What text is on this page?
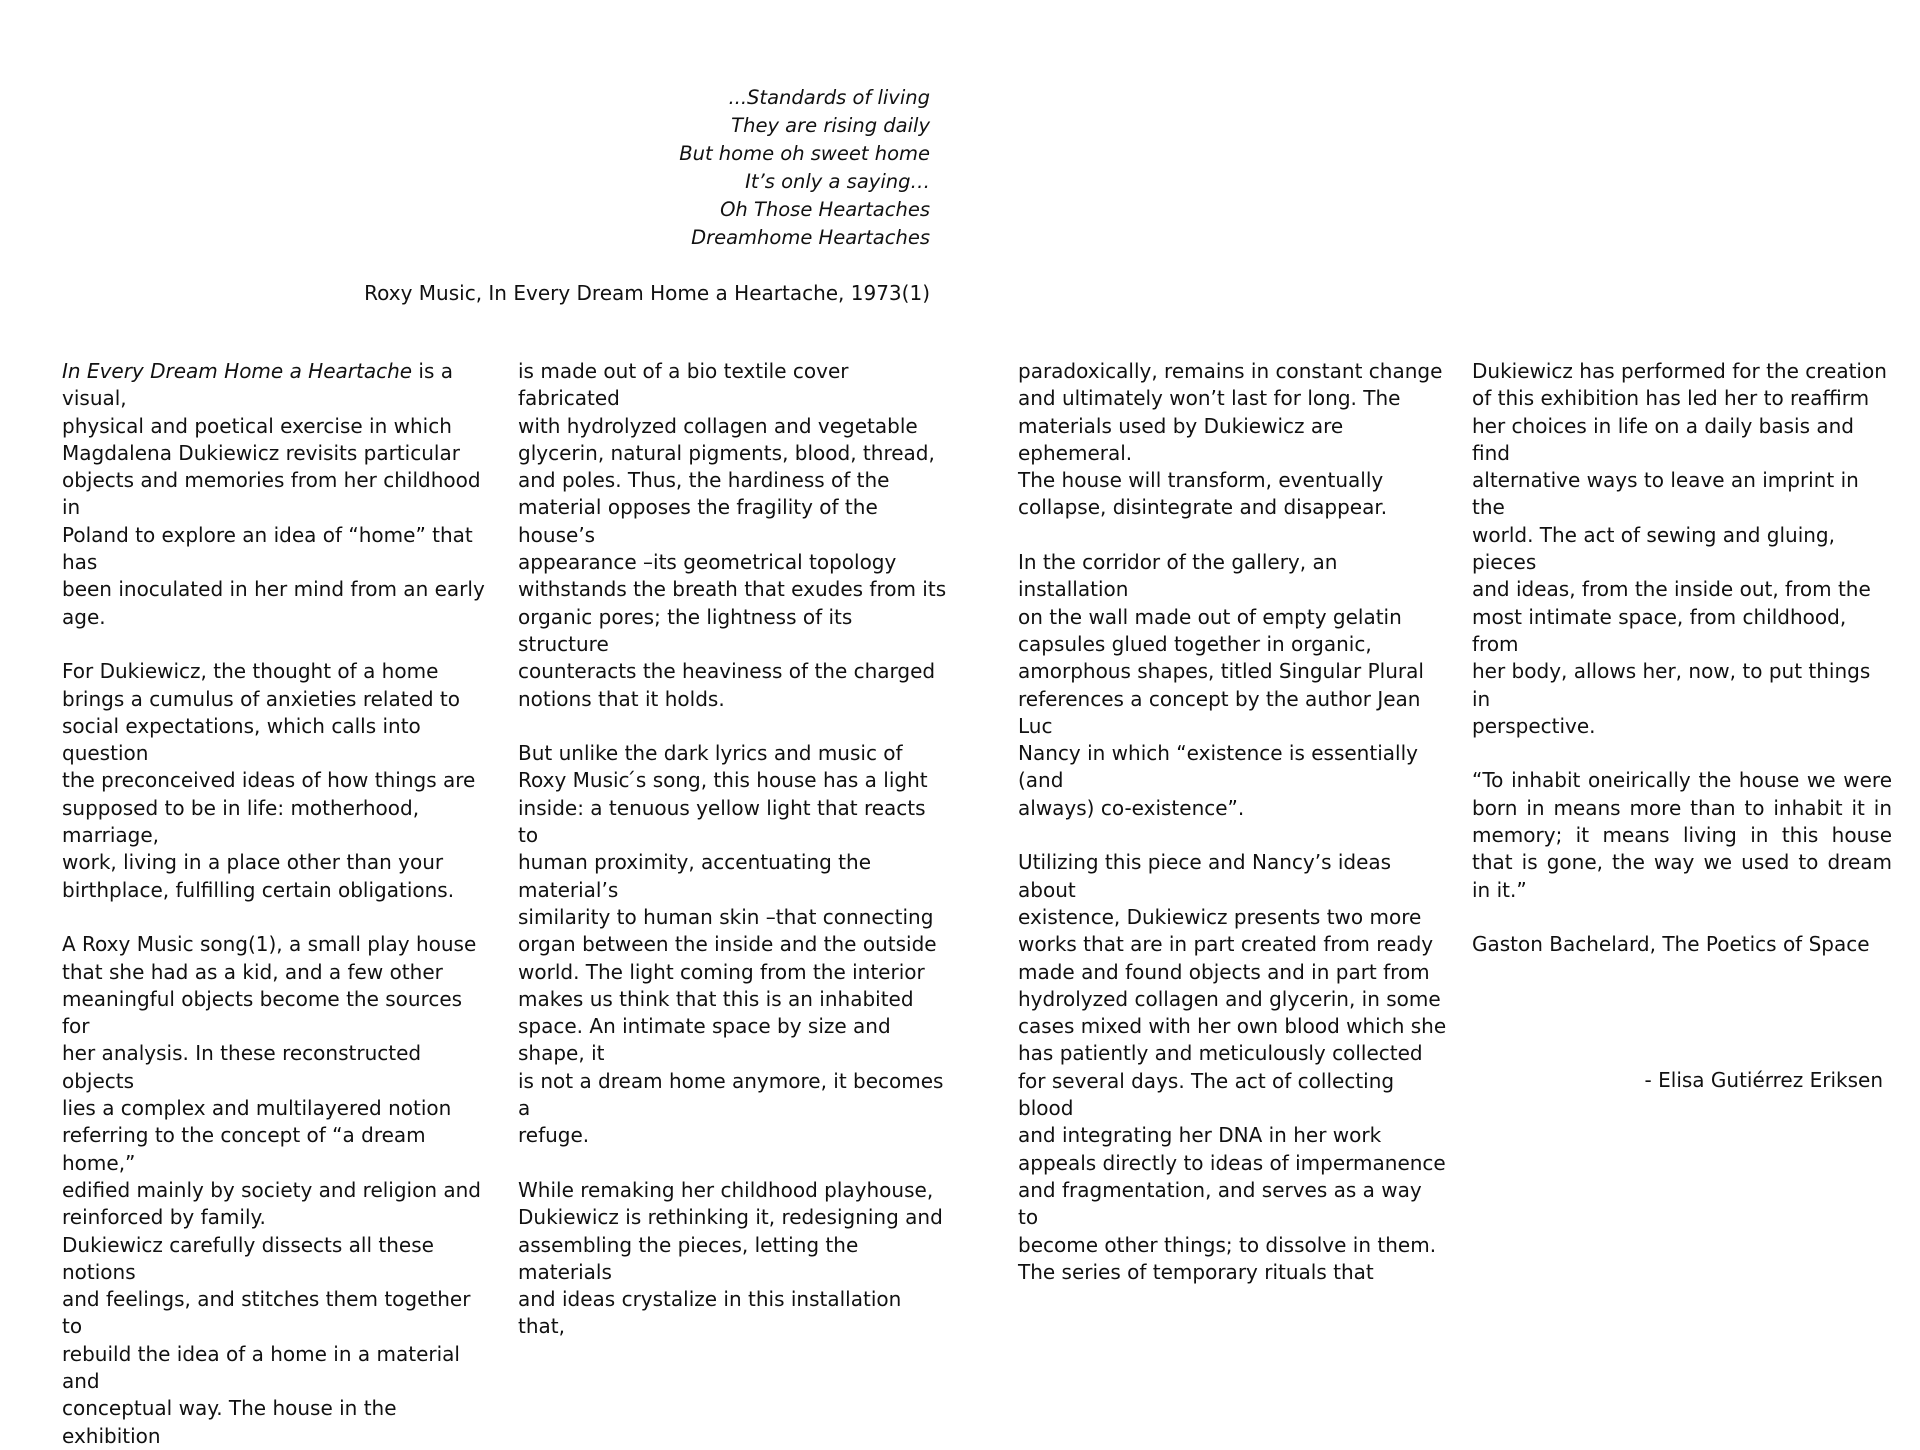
...Standards of living
They are rising daily
But home oh sweet home
It’s only a saying…
Oh Those Heartaches
Dreamhome Heartaches
Roxy Music, In Every Dream Home a Heartache, 1973(1)

In Every Dream Home a Heartache is a visual,
physical and poetical exercise in which
Magdalena Dukiewicz revisits particular
objects and memories from her childhood in
Poland to explore an idea of “home” that has
been inoculated in her mind from an early age.

For Dukiewicz, the thought of a home
brings a cumulus of anxieties related to
social expectations, which calls into question
the preconceived ideas of how things are
supposed to be in life: motherhood, marriage,
work, living in a place other than your
birthplace, fulfilling certain obligations.

A Roxy Music song(1), a small play house
that she had as a kid, and a few other
meaningful objects become the sources for
her analysis. In these reconstructed objects
lies a complex and multilayered notion
referring to the concept of “a dream home,”
edified mainly by society and religion and
reinforced by family.

Dukiewicz carefully dissects all these notions
and feelings, and stitches them together to
rebuild the idea of a home in a material and
conceptual way. The house in the exhibition

is made out of a bio textile cover fabricated
with hydrolyzed collagen and vegetable
glycerin, natural pigments, blood, thread,
and poles. Thus, the hardiness of the
material opposes the fragility of the house’s
appearance –its geometrical topology
withstands the breath that exudes from its
organic pores; the lightness of its structure
counteracts the heaviness of the charged
notions that it holds.

But unlike the dark lyrics and music of
Roxy Music ́s song, this house has a light
inside: a tenuous yellow light that reacts to
human proximity, accentuating the material’s
similarity to human skin –that connecting
organ between the inside and the outside
world. The light coming from the interior
makes us think that this is an inhabited
space. An intimate space by size and shape, it
is not a dream home anymore, it becomes a
refuge.

While remaking her childhood playhouse,
Dukiewicz is rethinking it, redesigning and
assembling the pieces, letting the materials
and ideas crystalize in this installation that,

paradoxically, remains in constant change
and ultimately won’t last for long. The
materials used by Dukiewicz are ephemeral.
The house will transform, eventually
collapse, disintegrate and disappear.

In the corridor of the gallery, an installation
on the wall made out of empty gelatin
capsules glued together in organic,
amorphous shapes, titled Singular Plural
references a concept by the author Jean Luc
Nancy in which “existence is essentially (and
always) co-existence”.

Utilizing this piece and Nancy’s ideas about
existence, Dukiewicz presents two more
works that are in part created from ready
made and found objects and in part from
hydrolyzed collagen and glycerin, in some
cases mixed with her own blood which she
has patiently and meticulously collected
for several days. The act of collecting blood
and integrating her DNA in her work
appeals directly to ideas of impermanence
and fragmentation, and serves as a way to
become other things; to dissolve in them.
The series of temporary rituals that

Dukiewicz has performed for the creation
of this exhibition has led her to reaffirm
her choices in life on a daily basis and find
alternative ways to leave an imprint in the
world. The act of sewing and gluing, pieces
and ideas, from the inside out, from the
most intimate space, from childhood, from
her body, allows her, now, to put things in
perspective.

“To inhabit oneirically the house we were born in means more than to inhabit it in memory; it means living in this house that is gone, the way we used to dream in it.”

Gaston Bachelard, The Poetics of Space

- Elisa Gutiérrez Eriksen
